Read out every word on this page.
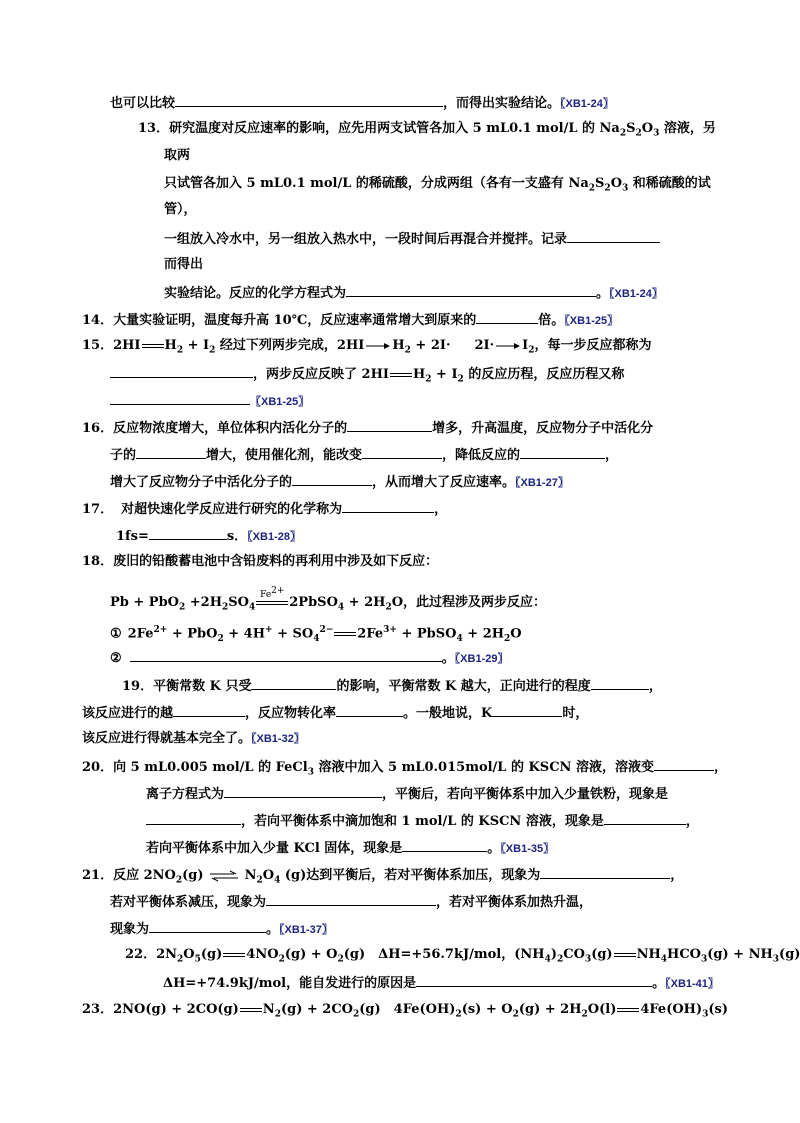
也可以比较	，而得出实验结论。〖XB1-24〗
13．研究温度对反应速率的影响，应先用两支试管各加入 5 mL0.1 mol/L 的 $Na_2S_2O_3$ 溶液，另
取两
只试管各加入 5 mL0.1 mol/L 的稀硫酸，分成两组（各有一支盛有 $Na_2S_2O_3$ 和稀硫酸的试
管），
一组放入冷水中，另一组放入热水中，一段时间后再混合并搅拌。记录
而得出
实验结论。反应的化学方程式为	。〖XB1-24〗
14．大量实验证明，温度每升高 10℃，反应速率通常增大到原来的	倍。〖XB1-25〗
15．2HI $H_2 + I_2$ 经过下列两步完成，2HI $H_2 + 2I\cdot 2I\cdot I_2$，每一步反应都称为
，两步反应反映了 2HI $H_2 + I_2$ 的反应历程，反应历程又称
〖XB1-25〗
16．反应物浓度增大，单位体积内活化分子的	增多，升高温度，反应物分子中活化分
子的	增大，使用催化剂，能改变	，降低反应的	，
增大了反应物分子中活化分子的	，从而增大了反应速率。〖XB1-27〗
17． 对超快速化学反应进行研究的化学称为	，
1fs=	s．〖XB1-28〗
18．废旧的铅酸蓄电池中含铅废料的再利用中涉及如下反应：
$Pb + PbO_2 +2H_2SO_4$
$Fe^{2+}$
2PbSO$_4$ + $2H_2O$，此过程涉及两步反应：
① $2Fe^{2+} + PbO_2 + 4H^+ + SO_4^{2-}$ $2Fe^{3+}$ + PbSO$_4$ + $2H_2O$
②	。〖XB1-29〗
19．平衡常数 K 只受	的影响，平衡常数 K 越大，正向进行的程度	，
该反应进行的越	，反应物转化率	。一般地说，K	时，
该反应进行得就基本完全了。〖XB1-32〗
20．向 5 mL0.005 mol/L 的 FeCl$_3$ 溶液中加入 5 mL0.015mol/L 的 KSCN 溶液，溶液变	，
离子方程式为	，平衡后，若向平衡体系中加入少量铁粉，现象是
，若向平衡体系中滴加饱和 1 mol/L 的 KSCN 溶液，现象是	，
若向平衡体系中加入少量 KCl 固体，现象是	。〖XB1-35〗
21．反应 $2NO_2(g)$ ⇌ $N_2O_4$ (g)达到平衡后，若对平衡体系加压，现象为	，
若对平衡体系减压，现象为	，若对平衡体系加热升温，
现象为	。〖XB1-37〗
22．$2N_2O_5(g) 4NO_2(g) + O_2(g)$　ΔH=+56.7kJ/mol，$(NH_4)_2CO_3(g) NH_4HCO_3(g) + NH_3(g)$
ΔH=+74.9kJ/mol，能自发进行的原因是	。〖XB1-41〗
23．2NO(g) + 2CO(g) $N_2(g) + 2CO_2(g)$　$4Fe(OH)_2(s) + O_2(g) + 2H_2O(l)$ $4Fe(OH)_3(s)$
